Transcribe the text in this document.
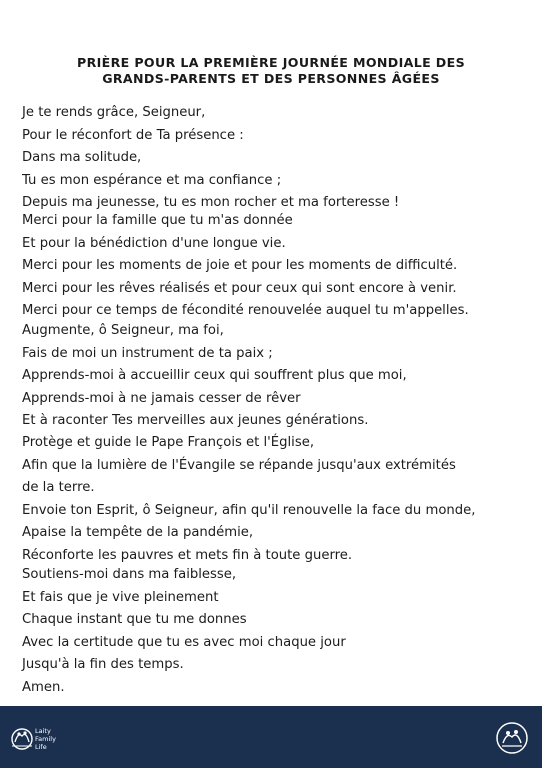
PRIÈRE POUR LA PREMIÈRE JOURNÉE MONDIALE DES
GRANDS-PARENTS ET DES PERSONNES ÂGÉES
Je te rends grâce, Seigneur,
Pour le réconfort de Ta présence :
Dans ma solitude,
Tu es mon espérance et ma confiance ;
Depuis ma jeunesse, tu es mon rocher et ma forteresse !
Merci pour la famille que tu m'as donnée
Et pour la bénédiction d'une longue vie.
Merci pour les moments de joie et pour les moments de difficulté.
Merci pour les rêves réalisés et pour ceux qui sont encore à venir.
Merci pour ce temps de fécondité renouvelée auquel tu m'appelles.
Augmente, ô Seigneur, ma foi,
Fais de moi un instrument de ta paix ;
Apprends-moi à accueillir ceux qui souffrent plus que moi,
Apprends-moi à ne jamais cesser de rêver
Et à raconter Tes merveilles aux jeunes générations.
Protège et guide le Pape François et l'Église,
Afin que la lumière de l'Évangile se répande jusqu'aux extrémités
de la terre.
Envoie ton Esprit, ô Seigneur, afin qu'il renouvelle la face du monde,
Apaise la tempête de la pandémie,
Réconforte les pauvres et mets fin à toute guerre.
Soutiens-moi dans ma faiblesse,
Et fais que je vive pleinement
Chaque instant que tu me donnes
Avec la certitude que tu es avec moi chaque jour
Jusqu'à la fin des temps.
Amen.
Laity
Family
Life
